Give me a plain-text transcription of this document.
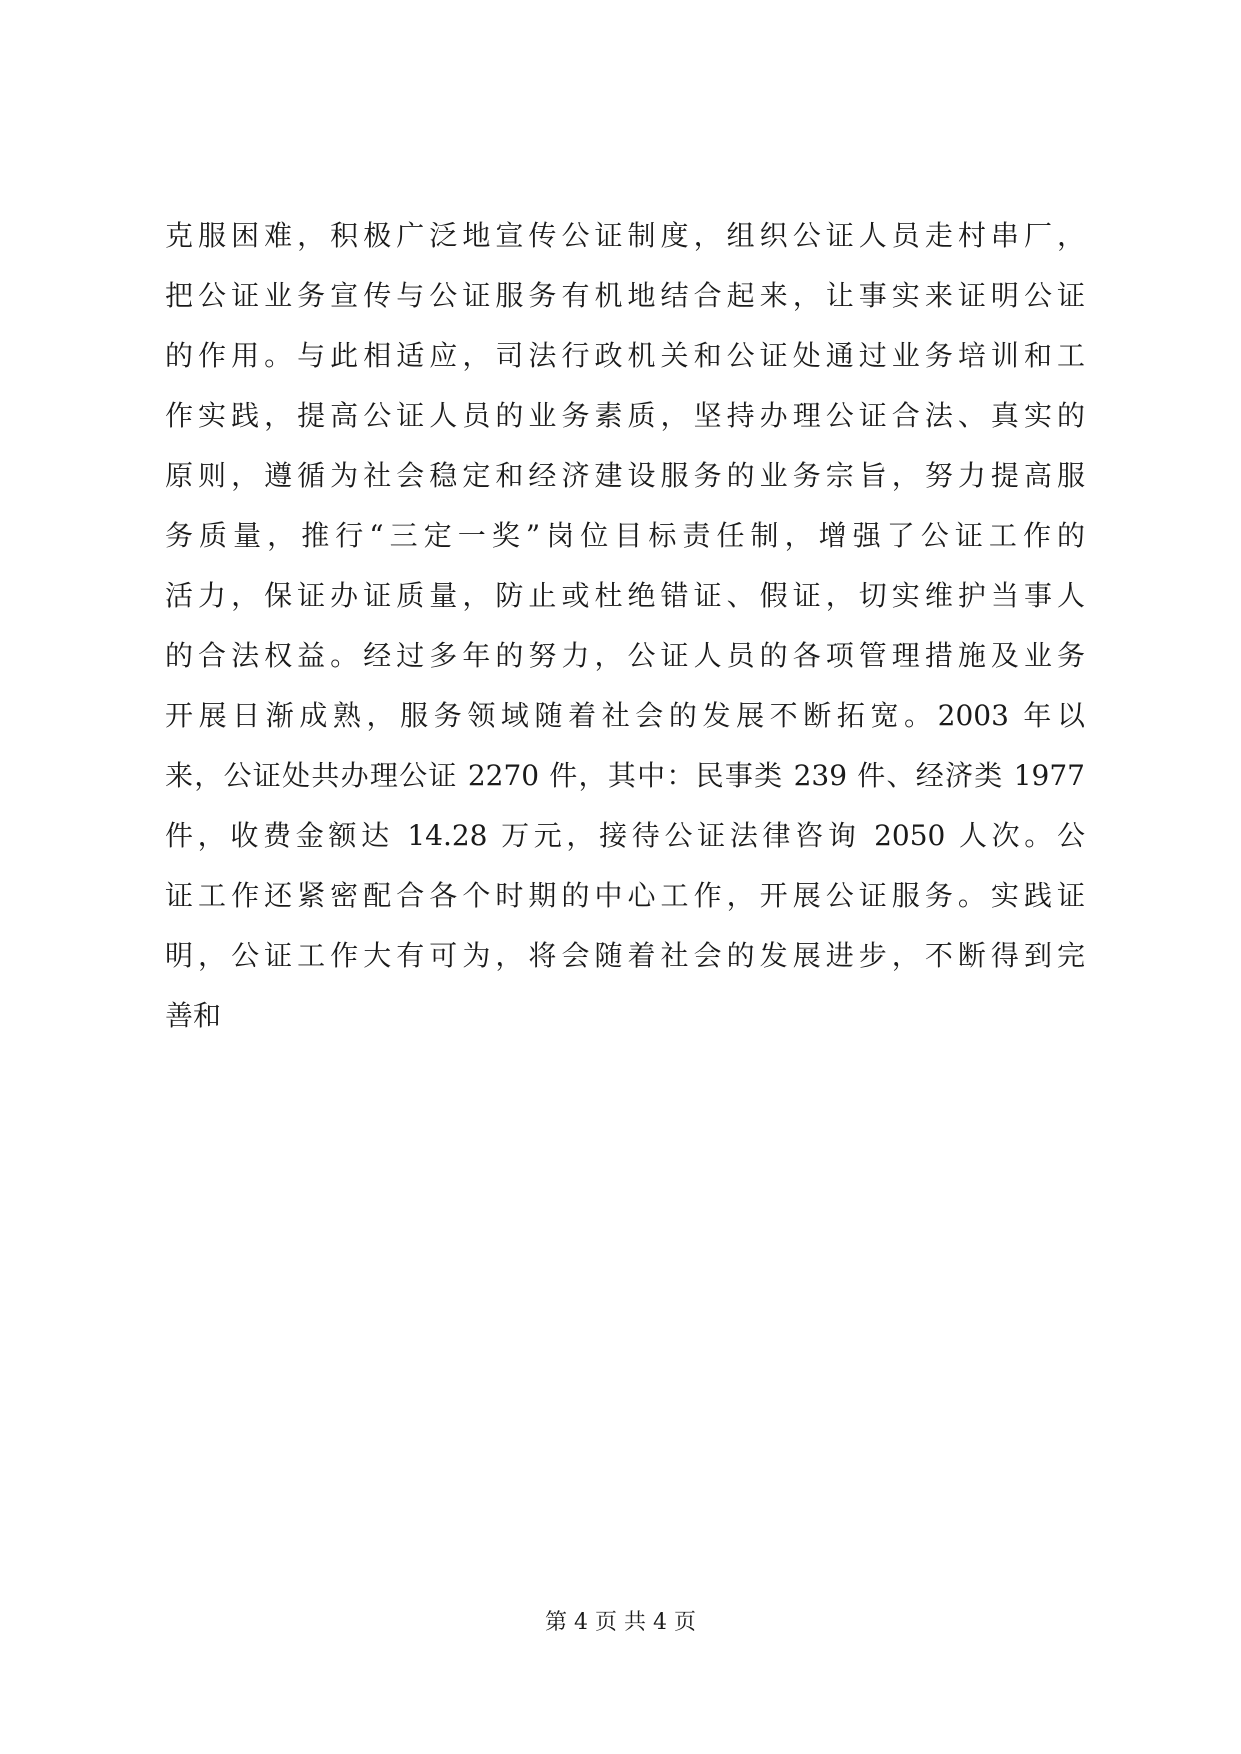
克服困难，积极广泛地宣传公证制度，组织公证人员走村串厂，
把公证业务宣传与公证服务有机地结合起来，让事实来证明公证
的作用。与此相适应，司法行政机关和公证处通过业务培训和工
作实践，提高公证人员的业务素质，坚持办理公证合法、真实的
原则，遵循为社会稳定和经济建设服务的业务宗旨，努力提高服
务质量，推行“三定一奖”岗位目标责任制，增强了公证工作的
活力，保证办证质量，防止或杜绝错证、假证，切实维护当事人
的合法权益。经过多年的努力，公证人员的各项管理措施及业务
开展日渐成熟，服务领域随着社会的发展不断拓宽。2003 年以
来，公证处共办理公证 2270 件，其中：民事类 239 件、经济类 1977
件，收费金额达 14.28 万元，接待公证法律咨询 2050 人次。公
证工作还紧密配合各个时期的中心工作，开展公证服务。实践证
明，公证工作大有可为，将会随着社会的发展进步，不断得到完
善和
第 4 页 共 4 页
